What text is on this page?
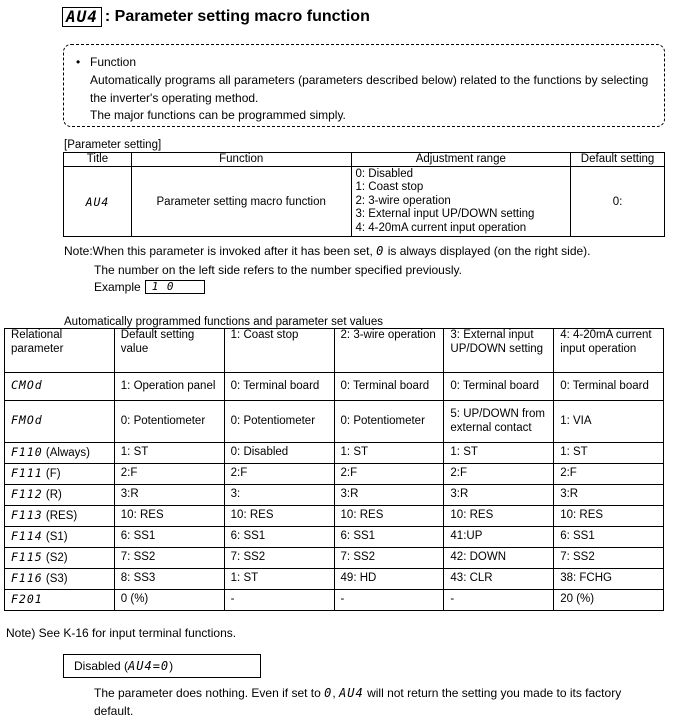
AU4 : Parameter setting macro function
• Function
Automatically programs all parameters (parameters described below) related to the functions by selecting
the inverter's operating method.
The major functions can be programmed simply.
[Parameter setting]
Title	Function	Adjustment range	Default setting
AU4	Parameter setting macro function	0: Disabled
1: Coast stop
2: 3-wire operation
3: External input UP/DOWN setting
4: 4-20mA current input operation	0:
Note:When this parameter is invoked after it has been set, 0 is always displayed (on the right side).
The number on the left side refers to the number specified previously.
Example	1 0
Automatically programmed functions and parameter set values
Relational parameter	Default setting value	1: Coast stop	2: 3-wire operation	3: External input UP/DOWN setting	4: 4-20mA current input operation
CMOd	1: Operation panel	0: Terminal board	0: Terminal board	0: Terminal board	0: Terminal board
FMOd	0: Potentiometer	0: Potentiometer	0: Potentiometer	5: UP/DOWN from external contact	1: VIA
F110 (Always)	1: ST	0: Disabled	1: ST	1: ST	1: ST
F111 (F)	2:F	2:F	2:F	2:F	2:F
F112 (R)	3:R	3:	3:R	3:R	3:R
F113 (RES)	10: RES	10: RES	10: RES	10: RES	10: RES
F114 (S1)	6: SS1	6: SS1	6: SS1	41:UP	6: SS1
F115 (S2)	7: SS2	7: SS2	7: SS2	42: DOWN	7: SS2
F116 (S3)	8: SS3	1: ST	49: HD	43: CLR	38: FCHG
F201	0 (%)	-	-	-	20 (%)
Note) See K-16 for input terminal functions.
Disabled (AU4=0)
The parameter does nothing. Even if set to 0, AU4 will not return the setting you made to its factory default.
